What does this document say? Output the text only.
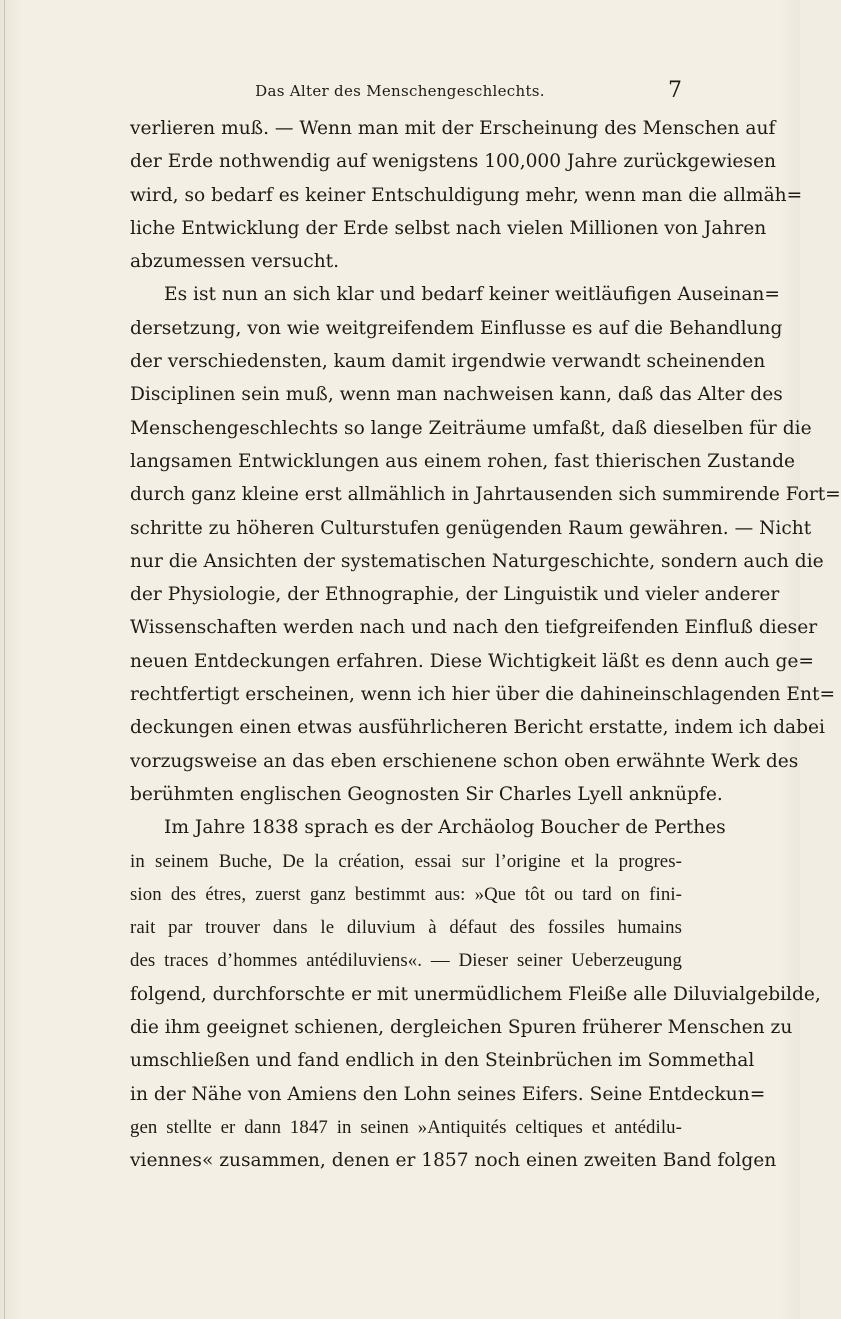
Das Alter des Menschengeschlechts.	7
verlieren muß. — Wenn man mit der Erscheinung des Menschen auf
der Erde nothwendig auf wenigstens 100,000 Jahre zurückgewiesen
wird, so bedarf es keiner Entschuldigung mehr, wenn man die allmäh=
liche Entwicklung der Erde selbst nach vielen Millionen von Jahren
abzumessen versucht.
Es ist nun an sich klar und bedarf keiner weitläufigen Auseinan=
dersetzung, von wie weitgreifendem Einflusse es auf die Behandlung
der verschiedensten, kaum damit irgendwie verwandt scheinenden
Disciplinen sein muß, wenn man nachweisen kann, daß das Alter des
Menschengeschlechts so lange Zeiträume umfaßt, daß dieselben für die
langsamen Entwicklungen aus einem rohen, fast thierischen Zustande
durch ganz kleine erst allmählich in Jahrtausenden sich summirende Fort=
schritte zu höheren Culturstufen genügenden Raum gewähren. — Nicht
nur die Ansichten der systematischen Naturgeschichte, sondern auch die
der Physiologie, der Ethnographie, der Linguistik und vieler anderer
Wissenschaften werden nach und nach den tiefgreifenden Einfluß dieser
neuen Entdeckungen erfahren. Diese Wichtigkeit läßt es denn auch ge=
rechtfertigt erscheinen, wenn ich hier über die dahineinschlagenden Ent=
deckungen einen etwas ausführlicheren Bericht erstatte, indem ich dabei
vorzugsweise an das eben erschienene schon oben erwähnte Werk des
berühmten englischen Geognosten Sir Charles Lyell anknüpfe.
Im Jahre 1838 sprach es der Archäolog Boucher de Perthes
in seinem Buche, De la création, essai sur l’origine et la progres-
sion des étres, zuerst ganz bestimmt aus: »Que tôt ou tard on fini-
rait par trouver dans le diluvium à défaut des fossiles humains
des traces d’hommes antédiluviens«. — Dieser seiner Ueberzeugung
folgend, durchforschte er mit unermüdlichem Fleiße alle Diluvialgebilde,
die ihm geeignet schienen, dergleichen Spuren früherer Menschen zu
umschließen und fand endlich in den Steinbrüchen im Sommethal
in der Nähe von Amiens den Lohn seines Eifers. Seine Entdeckun=
gen stellte er dann 1847 in seinen »Antiquités celtiques et antédilu-
viennes« zusammen, denen er 1857 noch einen zweiten Band folgen
